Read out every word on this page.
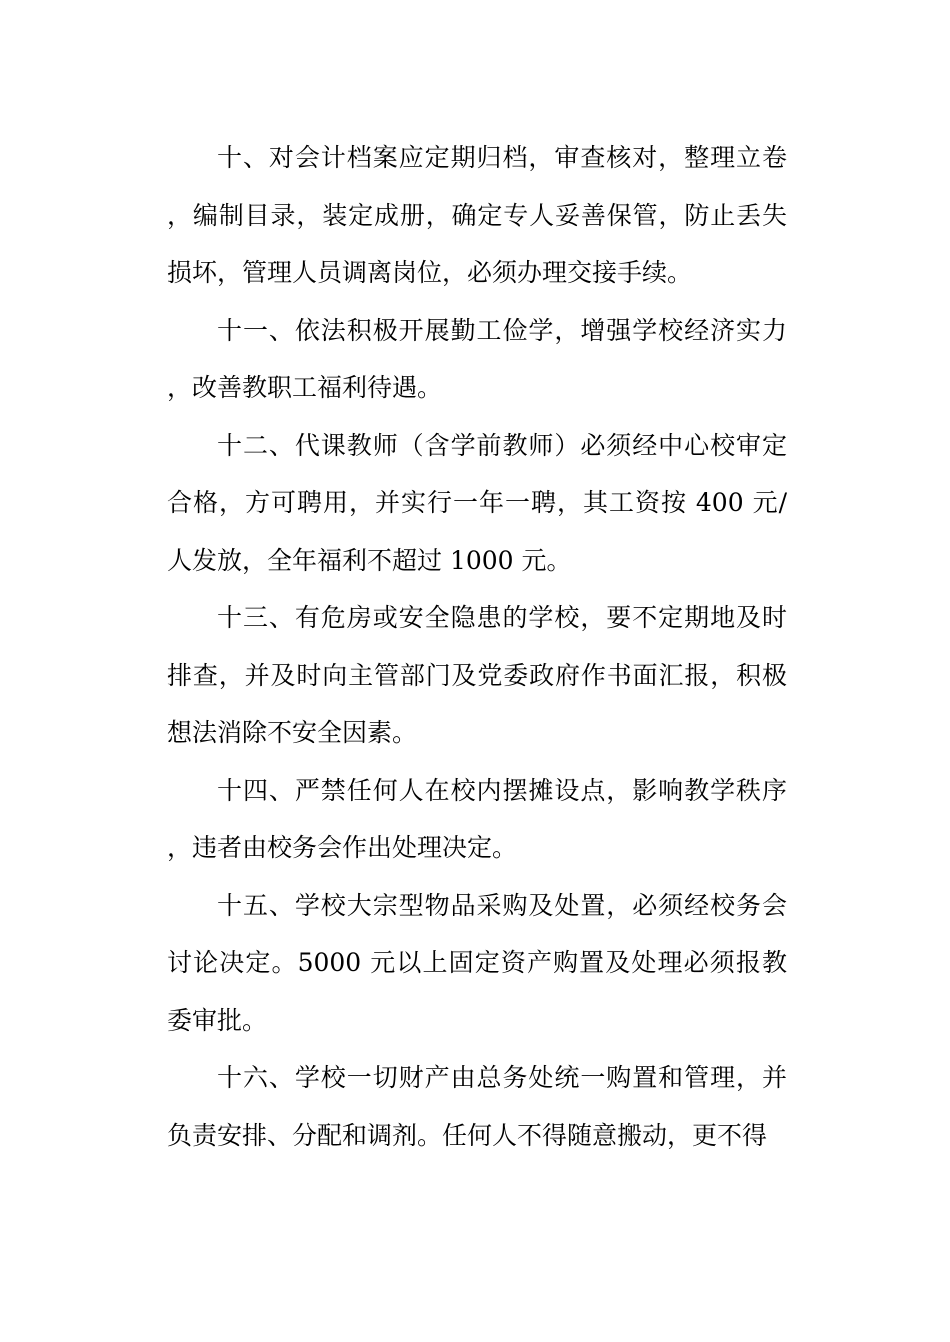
十、对会计档案应定期归档，审查核对，整理立卷，编制目录，装定成册，确定专人妥善保管，防止丢失损坏，管理人员调离岗位，必须办理交接手续。

十一、依法积极开展勤工俭学，增强学校经济实力，改善教职工福利待遇。

十二、代课教师（含学前教师）必须经中心校审定合格，方可聘用，并实行一年一聘，其工资按 400 元/人发放，全年福利不超过 1000 元。

十三、有危房或安全隐患的学校，要不定期地及时排查，并及时向主管部门及党委政府作书面汇报，积极想法消除不安全因素。

十四、严禁任何人在校内摆摊设点，影响教学秩序，违者由校务会作出处理决定。

十五、学校大宗型物品采购及处置，必须经校务会讨论决定。5000 元以上固定资产购置及处理必须报教委审批。

十六、学校一切财产由总务处统一购置和管理，并负责安排、分配和调剂。任何人不得随意搬动，更不得
